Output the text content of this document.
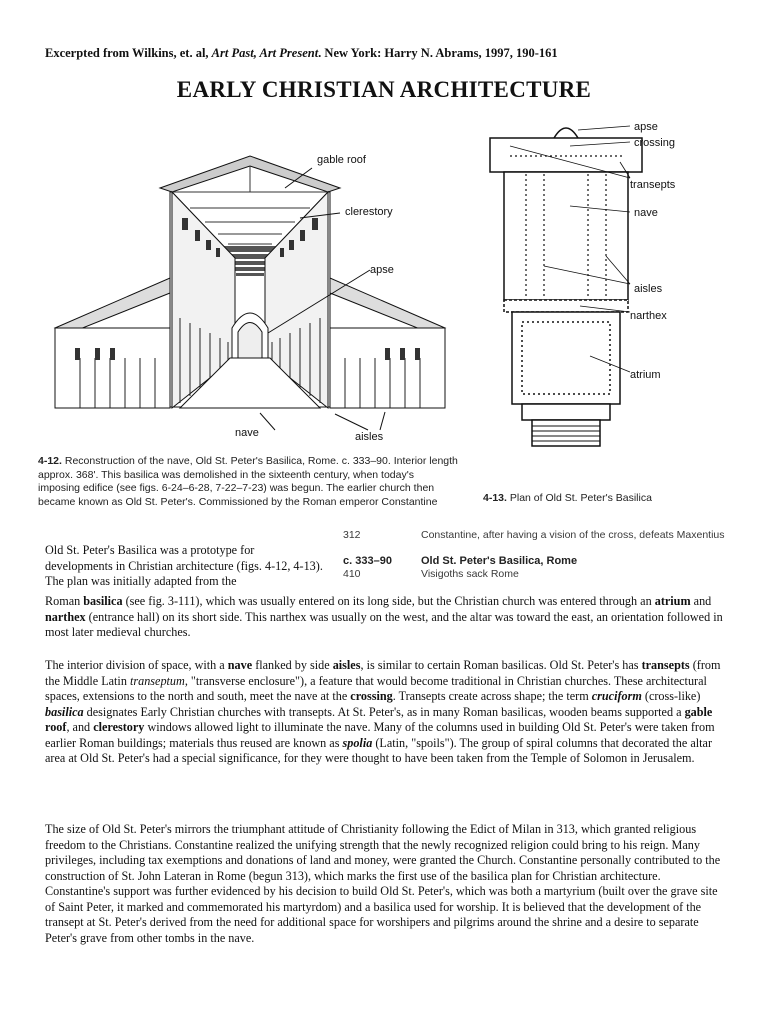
Excerpted from Wilkins, et. al, Art Past, Art Present. New York: Harry N. Abrams, 1997, 190-161
EARLY CHRISTIAN ARCHITECTURE
gable roof
clerestory
apse
nave	aisles
apse
crossing
transepts
nave
aisles
narthex
atrium
4-12. Reconstruction of the nave, Old St. Peter's Basilica, Rome. c. 333–90. Interior length approx. 368'. This basilica was demolished in the sixteenth century, when today's imposing edifice (see figs. 6-24–6-28, 7-22–7-23) was begun. The earlier church then became known as Old St. Peter's. Commissioned by the Roman emperor Constantine	4-13. Plan of Old St. Peter's Basilica
312	Constantine, after having a vision of the cross, defeats Maxentius
c. 333–90	Old St. Peter's Basilica, Rome
410	Visigoths sack Rome
Old St. Peter's Basilica was a prototype for developments in Christian architecture (figs. 4-12, 4-13). The plan was initially adapted from the
Roman basilica (see fig. 3-111), which was usually entered on its long side, but the Christian church was entered through an atrium and narthex (entrance hall) on its short side. This narthex was usually on the west, and the altar was toward the east, an orientation followed in most later medieval churches.
The interior division of space, with a nave flanked by side aisles, is similar to certain Roman basilicas. Old St. Peter's has transepts (from the Middle Latin transeptum, "transverse enclosure"), a feature that would become traditional in Christian churches. These architectural spaces, extensions to the north and south, meet the nave at the crossing. Transepts create across shape; the term cruciform (cross-like) basilica designates Early Christian churches with transepts. At St. Peter's, as in many Roman basilicas, wooden beams supported a gable roof, and clerestory windows allowed light to illuminate the nave. Many of the columns used in building Old St. Peter's were taken from earlier Roman buildings; materials thus reused are known as spolia (Latin, "spoils"). The group of spiral columns that decorated the altar area at Old St. Peter's had a special significance, for they were thought to have been taken from the Temple of Solomon in Jerusalem.
The size of Old St. Peter's mirrors the triumphant attitude of Christianity following the Edict of Milan in 313, which granted religious freedom to the Christians. Constantine realized the unifying strength that the newly recognized religion could bring to his reign. Many privileges, including tax exemptions and donations of land and money, were granted the Church. Constantine personally contributed to the construction of St. John Lateran in Rome (begun 313), which marks the first use of the basilica plan for Christian architecture. Constantine's support was further evidenced by his decision to build Old St. Peter's, which was both a martyrium (built over the grave site of Saint Peter, it marked and commemorated his martyrdom) and a basilica used for worship. It is believed that the development of the transept at St. Peter's derived from the need for additional space for worshipers and pilgrims around the shrine and a desire to separate Peter's grave from other tombs in the nave.
